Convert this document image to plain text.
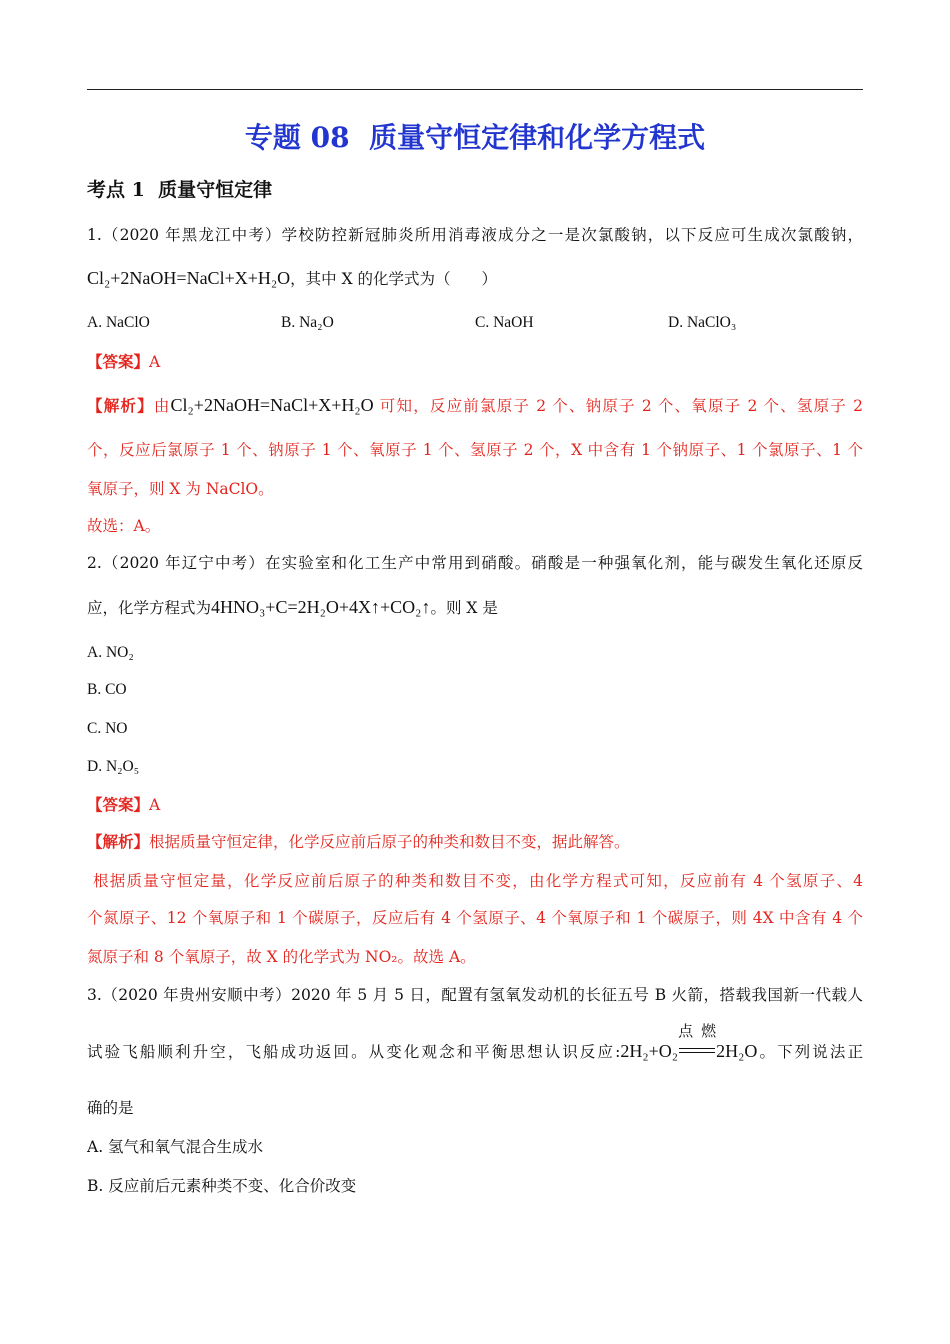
专题 08  质量守恒定律和化学方程式
考点 1  质量守恒定律
1.（2020 年黑龙江中考）学校防控新冠肺炎所用消毒液成分之一是次氯酸钠，以下反应可生成次氯酸钠，
Cl₂+2NaOH=NaCl+X+H₂O，其中 X 的化学式为（　　）
A. NaClO	B. Na₂O	C. NaOH	D. NaClO₃
【答案】A
【解析】由Cl₂+2NaOH=NaCl+X+H₂O 可知，反应前氯原子 2 个、钠原子 2 个、氧原子 2 个、氢原子 2
个，反应后氯原子 1 个、钠原子 1 个、氧原子 1 个、氢原子 2 个，X 中含有 1 个钠原子、1 个氯原子、1 个
氧原子，则 X 为 NaClO。
故选：A。
2.（2020 年辽宁中考）在实验室和化工生产中常用到硝酸。硝酸是一种强氧化剂，能与碳发生氧化还原反
应，化学方程式为4HNO₃+C=2H₂O+4X↑+CO₂↑。则 X 是
A. NO₂
B. CO
C. NO
D. N₂O₅
【答案】A
【解析】根据质量守恒定律，化学反应前后原子的种类和数目不变，据此解答。
根据质量守恒定量，化学反应前后原子的种类和数目不变，由化学方程式可知，反应前有 4 个氢原子、4
个氮原子、12 个氧原子和 1 个碳原子，反应后有 4 个氢原子、4 个氧原子和 1 个碳原子，则 4X 中含有 4 个
氮原子和 8 个氧原子，故 X 的化学式为 NO₂。故选 A。
3.（2020 年贵州安顺中考）2020 年 5 月 5 日，配置有氢氧发动机的长征五号 B 火箭，搭载我国新一代载人
试验飞船顺利升空，飞船成功返回。从变化观念和平衡思想认识反应:2H₂+O₂
点燃
2H₂O。下列说法正
确的是
A. 氢气和氧气混合生成水
B. 反应前后元素种类不变、化合价改变
